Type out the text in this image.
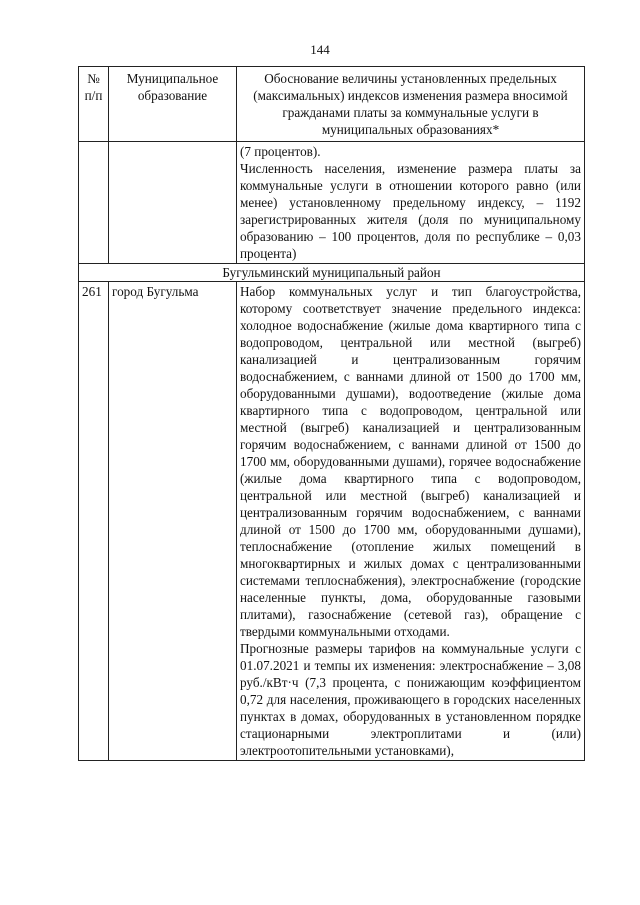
144
№ п/п	Муниципальное образование	Обоснование величины установленных предельных (максимальных) индексов изменения размера вносимой гражданами платы за коммунальные услуги в муниципальных образованиях*

		(7 процентов).

Численность населения, изменение размера платы за коммунальные услуги в отношении которого равно (или менее) установленному предельному индексу, – 1192 зарегистрированных жителя (доля по муниципальному образованию – 100 процентов, доля по республике – 0,03 процента)

Бугульминский муниципальный район		
261	город Бугульма	Набор коммунальных услуг и тип благоустройства, которому соответствует значение предельного индекса: холодное водоснабжение (жилые дома квартирного типа с водопроводом, центральной или местной (выгреб) канализацией и централизованным горячим водоснабжением, с ваннами длиной от 1500 до 1700 мм, оборудованными душами), водоотведение (жилые дома квартирного типа с водопроводом, центральной или местной (выгреб) канализацией и централизованным горячим водоснабжением, с ваннами длиной от 1500 до 1700 мм, оборудованными душами), горячее водоснабжение (жилые дома квартирного типа с водопроводом, центральной или местной (выгреб) канализацией и централизованным горячим водоснабжением, с ваннами длиной от 1500 до 1700 мм, оборудованными душами), теплоснабжение (отопление жилых помещений в многоквартирных и жилых домах с централизованными системами теплоснабжения), электроснабжение (городские населенные пункты, дома, оборудованные газовыми плитами), газоснабжение (сетевой газ), обращение с твердыми коммунальными отходами.

Прогнозные размеры тарифов на коммунальные услуги с 01.07.2021 и темпы их изменения: электроснабжение – 3,08 руб./кВт·ч (7,3 процента, с понижающим коэффициентом 0,72 для населения, проживающего в городских населенных пунктах в домах, оборудованных в установленном порядке стационарными электроплитами и (или) электроотопительными установками),
